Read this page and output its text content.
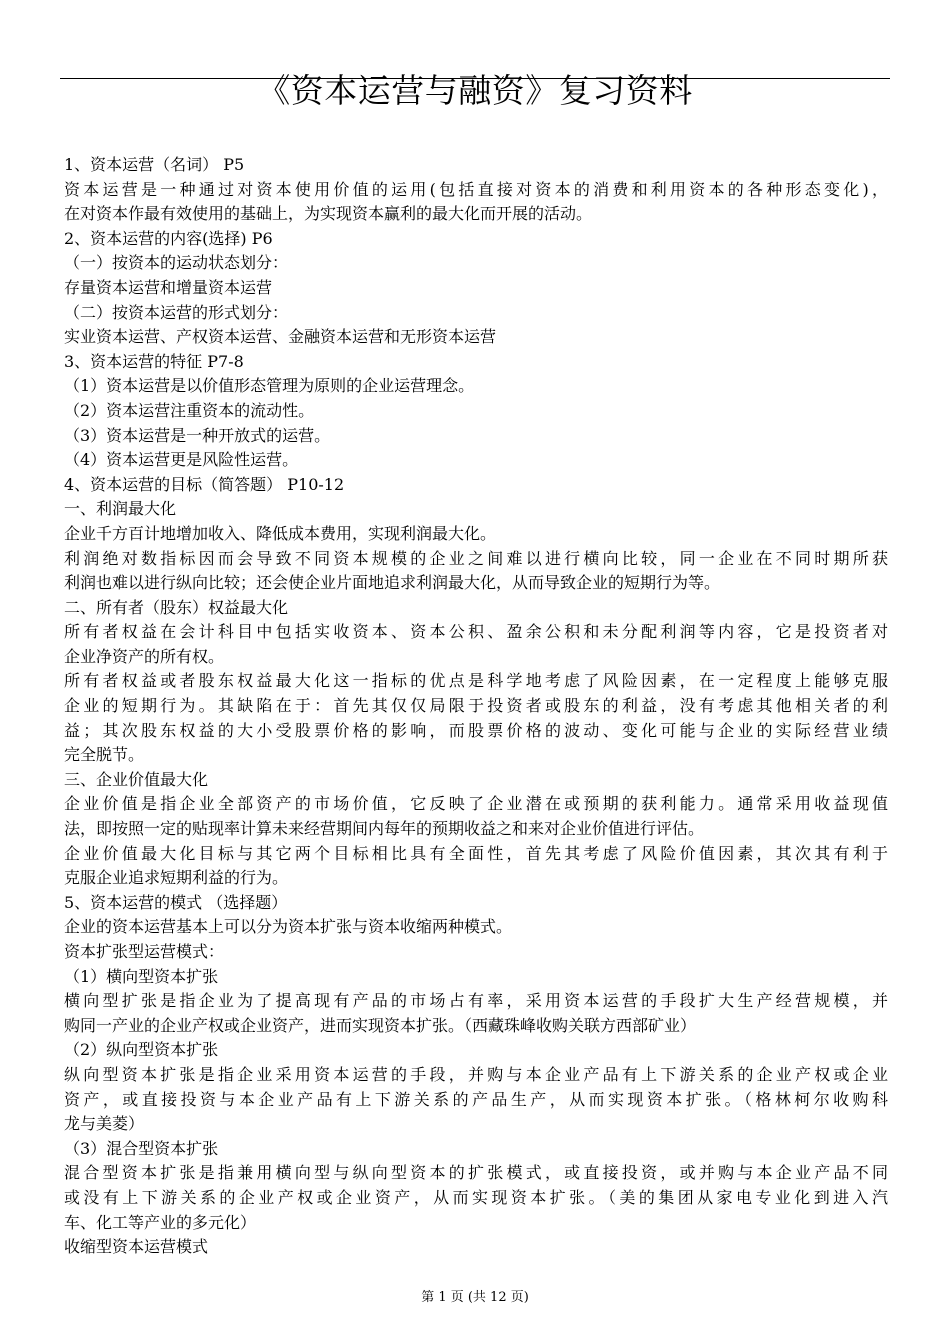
《资本运营与融资》复习资料
1、资本运营（名词） P5
资本运营是一种通过对资本使用价值的运用(包括直接对资本的消费和利用资本的各种形态变化)，
在对资本作最有效使用的基础上，为实现资本赢利的最大化而开展的活动。
2、资本运营的内容(选择) P6
（一）按资本的运动状态划分：
存量资本运营和增量资本运营
（二）按资本运营的形式划分：
实业资本运营、产权资本运营、金融资本运营和无形资本运营
3、资本运营的特征 P7-8
（1）资本运营是以价值形态管理为原则的企业运营理念。
（2）资本运营注重资本的流动性。
（3）资本运营是一种开放式的运营。
（4）资本运营更是风险性运营。
4、资本运营的目标（简答题） P10-12
一、利润最大化
企业千方百计地增加收入、降低成本费用，实现利润最大化。
利润绝对数指标因而会导致不同资本规模的企业之间难以进行横向比较，同一企业在不同时期所获
利润也难以进行纵向比较；还会使企业片面地追求利润最大化，从而导致企业的短期行为等。
二、所有者（股东）权益最大化
所有者权益在会计科目中包括实收资本、资本公积、盈余公积和未分配利润等内容，它是投资者对
企业净资产的所有权。
所有者权益或者股东权益最大化这一指标的优点是科学地考虑了风险因素，在一定程度上能够克服
企业的短期行为。其缺陷在于：首先其仅仅局限于投资者或股东的利益，没有考虑其他相关者的利
益；其次股东权益的大小受股票价格的影响，而股票价格的波动、变化可能与企业的实际经营业绩
完全脱节。
三、企业价值最大化
企业价值是指企业全部资产的市场价值，它反映了企业潜在或预期的获利能力。通常采用收益现值
法，即按照一定的贴现率计算未来经营期间内每年的预期收益之和来对企业价值进行评估。
企业价值最大化目标与其它两个目标相比具有全面性，首先其考虑了风险价值因素，其次其有利于
克服企业追求短期利益的行为。
5、资本运营的模式 （选择题）
企业的资本运营基本上可以分为资本扩张与资本收缩两种模式。
资本扩张型运营模式：
（1）横向型资本扩张
横向型扩张是指企业为了提高现有产品的市场占有率，采用资本运营的手段扩大生产经营规模，并
购同一产业的企业产权或企业资产，进而实现资本扩张。（西藏珠峰收购关联方西部矿业）
（2）纵向型资本扩张
纵向型资本扩张是指企业采用资本运营的手段，并购与本企业产品有上下游关系的企业产权或企业
资产，或直接投资与本企业产品有上下游关系的产品生产，从而实现资本扩张。（格林柯尔收购科
龙与美菱）
（3）混合型资本扩张
混合型资本扩张是指兼用横向型与纵向型资本的扩张模式，或直接投资，或并购与本企业产品不同
或没有上下游关系的企业产权或企业资产，从而实现资本扩张。（美的集团从家电专业化到进入汽
车、化工等产业的多元化）
收缩型资本运营模式
第 1 页 (共 12 页)
